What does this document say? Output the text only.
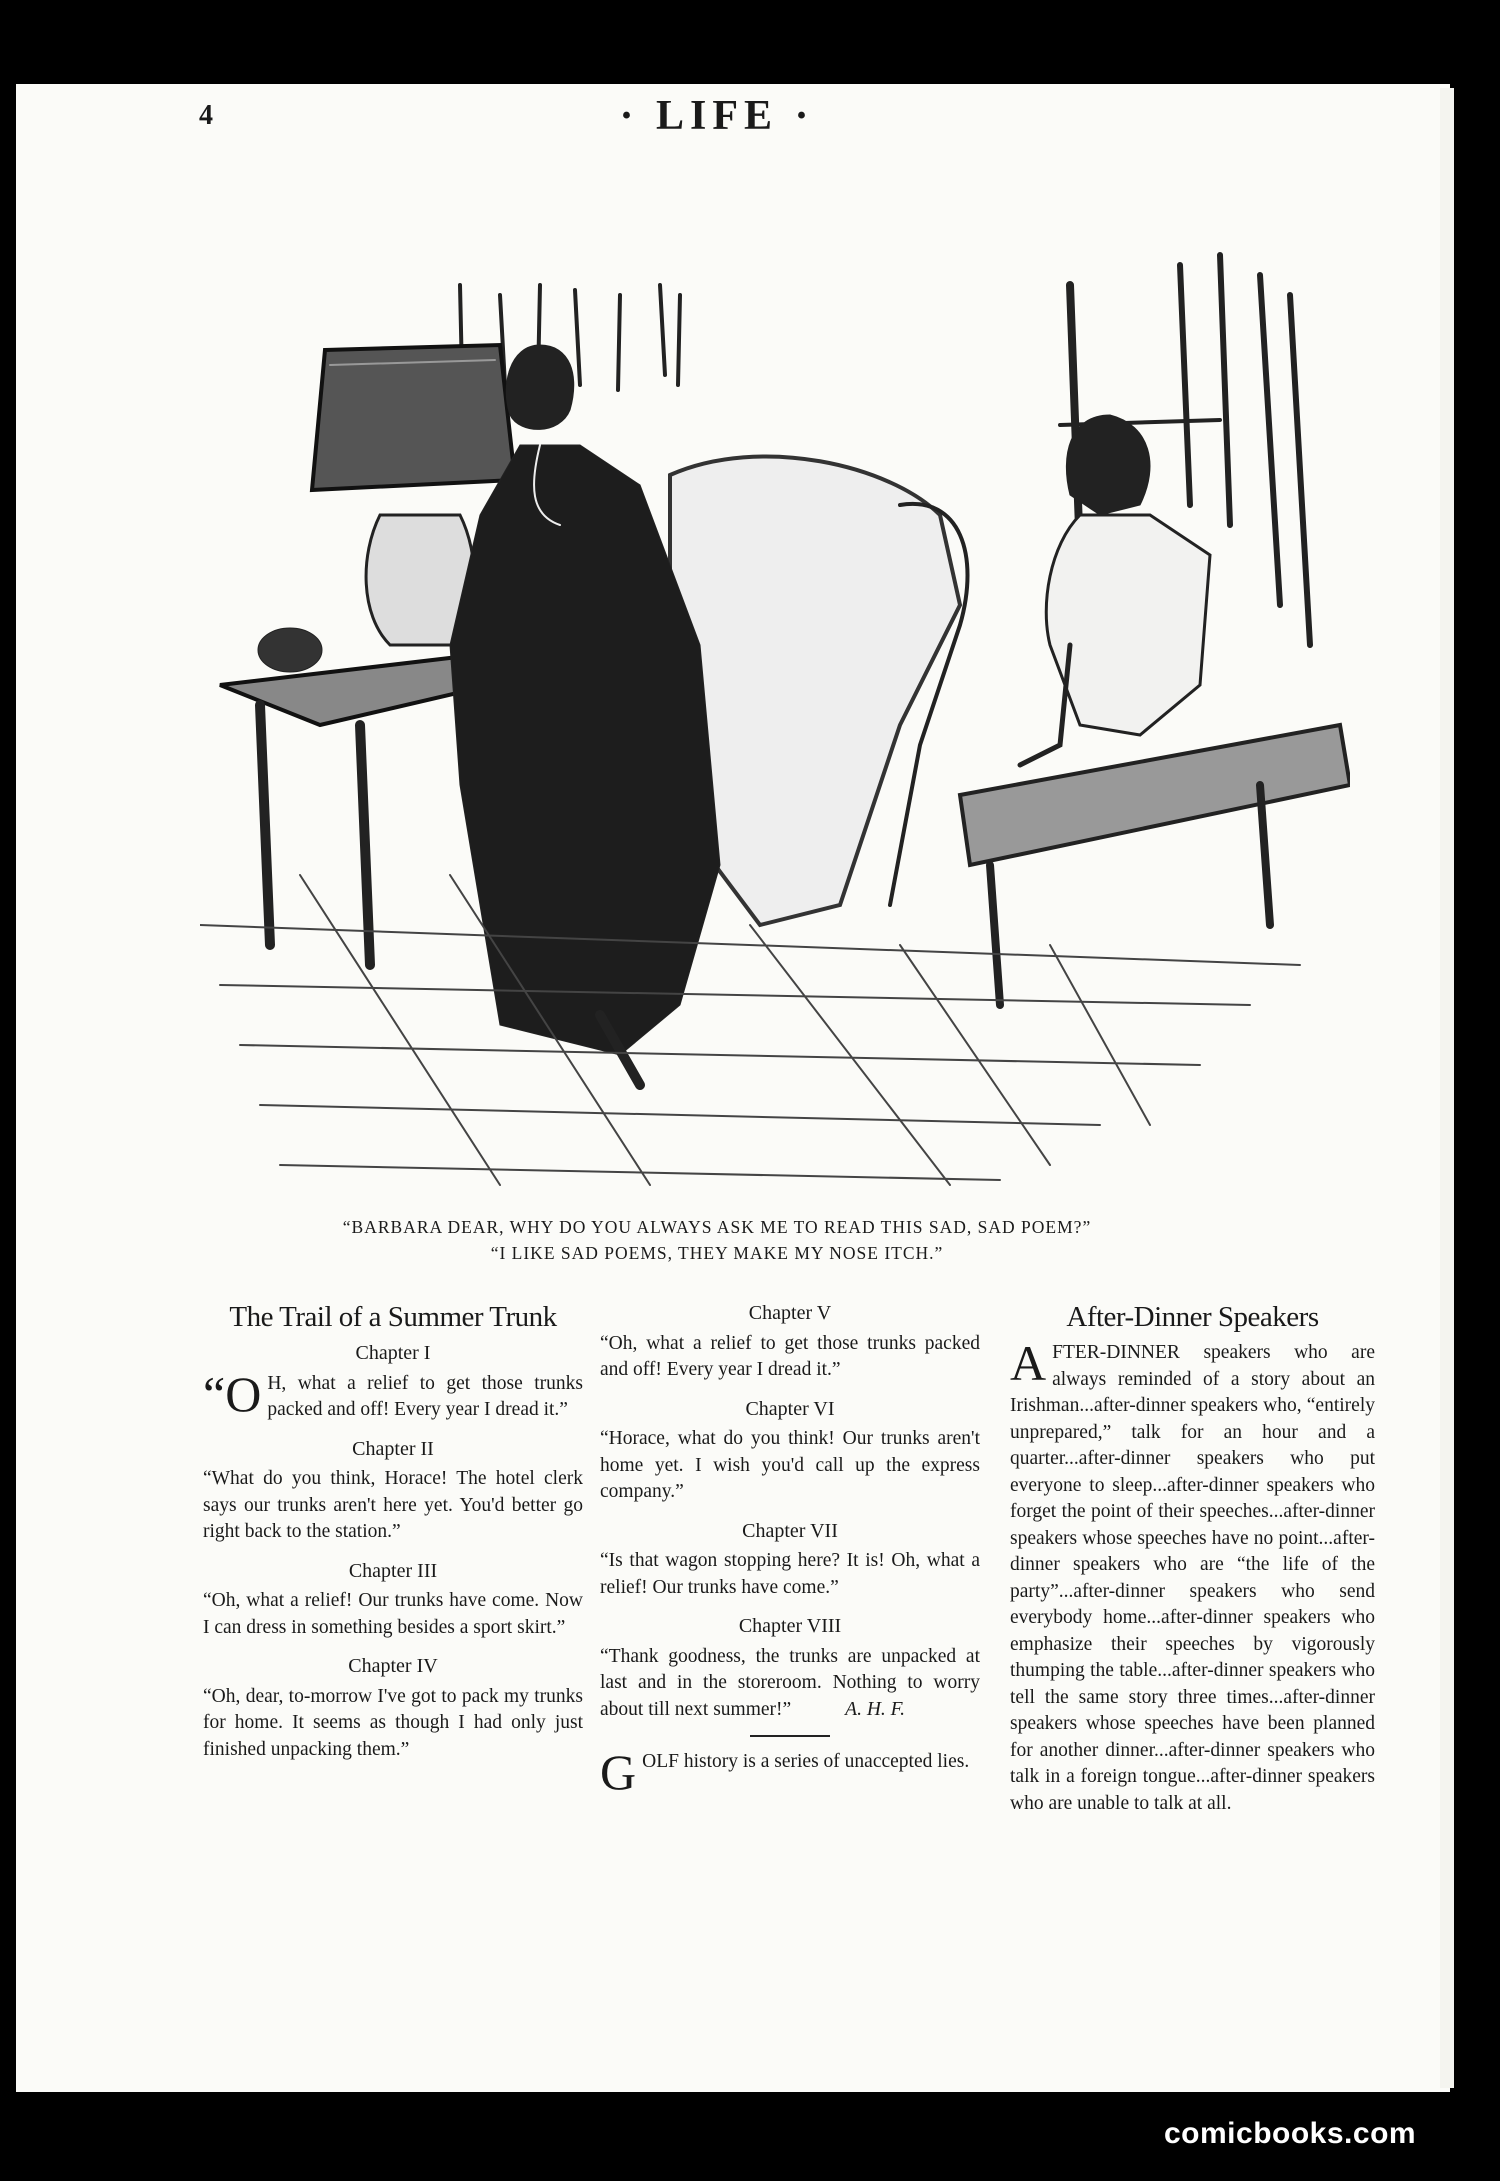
4	· LIFE ·
“BARBARA DEAR, WHY DO YOU ALWAYS ASK ME TO READ THIS SAD, SAD POEM?”
“I LIKE SAD POEMS, THEY MAKE MY NOSE ITCH.”
The Trail of a Summer Trunk
Chapter I

“O H, what a relief to get those trunks packed and off! Every year I dread it.”

Chapter II

“What do you think, Horace! The hotel clerk says our trunks aren't here yet. You'd better go right back to the station.”

Chapter III

“Oh, what a relief! Our trunks have come. Now I can dress in something besides a sport skirt.”

Chapter IV

“Oh, dear, to-morrow I've got to pack my trunks for home. It seems as though I had only just finished unpacking them.”

Chapter V

“Oh, what a relief to get those trunks packed and off! Every year I dread it.”

Chapter VI

“Horace, what do you think! Our trunks aren't home yet. I wish you'd call up the express company.”

Chapter VII

“Is that wagon stopping here? It is! Oh, what a relief! Our trunks have come.”

Chapter VIII

“Thank goodness, the trunks are unpacked at last and in the storeroom. Nothing to worry about till next summer!”	A. H. F.

GOLF history is a series of unaccepted lies.

After-Dinner Speakers

AFTER-DINNER speakers who are always reminded of a story about an Irishman...after-dinner speakers who, “entirely unprepared,” talk for an hour and a quarter...after-dinner speakers who put everyone to sleep...after-dinner speakers who forget the point of their speeches...after-dinner speakers whose speeches have no point...after-dinner speakers who are “the life of the party”...after-dinner speakers who send everybody home...after-dinner speakers who emphasize their speeches by vigorously thumping the table...after-dinner speakers who tell the same story three times...after-dinner speakers whose speeches have been planned for another dinner...after-dinner speakers who talk in a foreign tongue...after-dinner speakers who are unable to talk at all.

comicbooks.com
